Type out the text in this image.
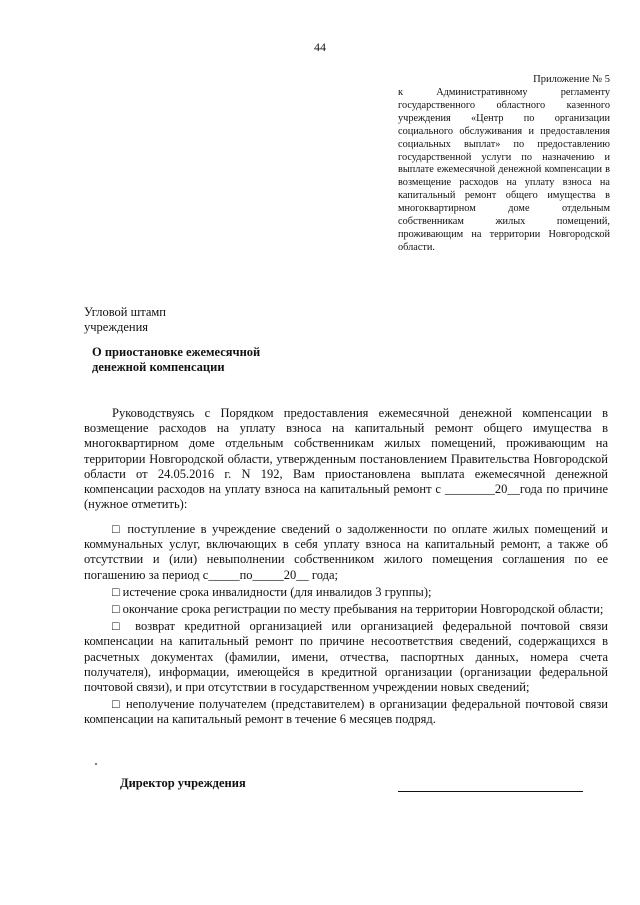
44
Приложение № 5
к Административному регламенту государственного областного казенного учреждения «Центр по организации социального обслуживания и предоставления социальных выплат» по предоставлению государственной услуги по назначению и выплате ежемесячной денежной компенсации в возмещение расходов на уплату взноса на капитальный ремонт общего имущества в многоквартирном доме отдельным собственникам жилых помещений, проживающим на территории Новгородской области.
Угловой штамп
учреждения
О приостановке ежемесячной
денежной компенсации
Руководствуясь с Порядком предоставления ежемесячной денежной компенсации в возмещение расходов на уплату взноса на капитальный ремонт общего имущества в многоквартирном доме отдельным собственникам жилых помещений, проживающим на территории Новгородской области, утвержденным постановлением Правительства Новгородской области от 24.05.2016 г. N 192, Вам приостановлена выплата ежемесячной денежной компенсации расходов на уплату взноса на капитальный ремонт с ________20__года по причине (нужное отметить):

□ поступление в учреждение сведений о задолженности по оплате жилых помещений и коммунальных услуг, включающих в себя уплату взноса на капитальный ремонт, а также об отсутствии и (или) невыполнении собственником жилого помещения соглашения по ее погашению за период с_____по_____20__ года;

□ истечение срока инвалидности (для инвалидов 3 группы);

□ окончание срока регистрации по месту пребывания на территории Новгородской области;

□ возврат кредитной организацией или организацией федеральной почтовой связи компенсации на капитальный ремонт по причине несоответствия сведений, содержащихся в расчетных документах (фамилии, имени, отчества, паспортных данных, номера счета получателя), информации, имеющейся в кредитной организации (организации федеральной почтовой связи), и при отсутствии в государственном учреждении новых сведений;

□ неполучение получателем (представителем) в организации федеральной почтовой связи компенсации на капитальный ремонт в течение 6 месяцев подряд.

Директор учреждения
